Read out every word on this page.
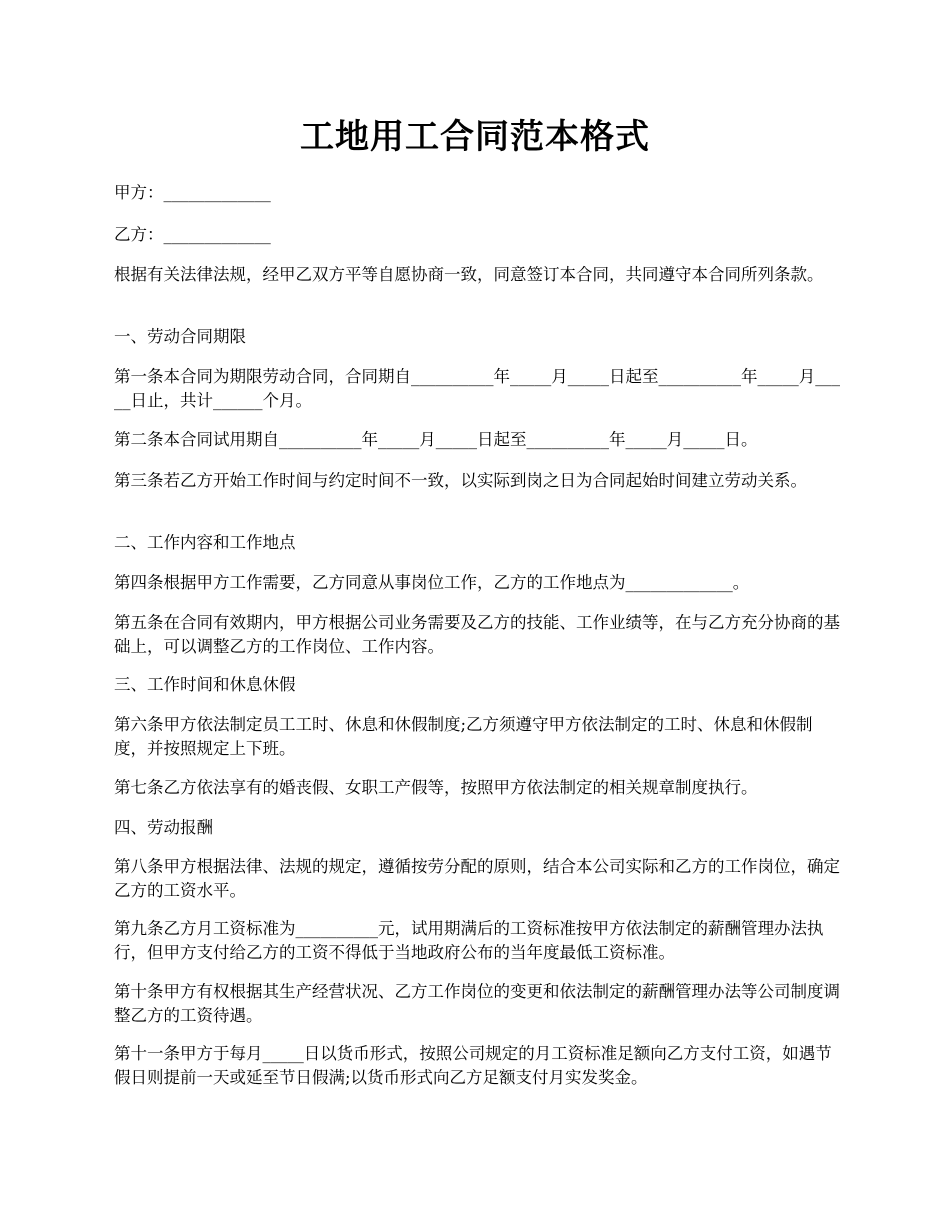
工地用工合同范本格式

甲方：_____________

乙方：_____________

根据有关法律法规，经甲乙双方平等自愿协商一致，同意签订本合同，共同遵守本合同所列条款。

一、劳动合同期限

第一条本合同为期限劳动合同，合同期自__________年_____月_____日起至__________年_____月_____日止，共计______个月。

第二条本合同试用期自__________年_____月_____日起至__________年_____月_____日。

第三条若乙方开始工作时间与约定时间不一致，以实际到岗之日为合同起始时间建立劳动关系。

二、工作内容和工作地点

第四条根据甲方工作需要，乙方同意从事岗位工作，乙方的工作地点为_____________。

第五条在合同有效期内，甲方根据公司业务需要及乙方的技能、工作业绩等，在与乙方充分协商的基础上，可以调整乙方的工作岗位、工作内容。

三、工作时间和休息休假

第六条甲方依法制定员工工时、休息和休假制度;乙方须遵守甲方依法制定的工时、休息和休假制度，并按照规定上下班。

第七条乙方依法享有的婚丧假、女职工产假等，按照甲方依法制定的相关规章制度执行。

四、劳动报酬

第八条甲方根据法律、法规的规定，遵循按劳分配的原则，结合本公司实际和乙方的工作岗位，确定乙方的工资水平。

第九条乙方月工资标准为__________元，试用期满后的工资标准按甲方依法制定的薪酬管理办法执行，但甲方支付给乙方的工资不得低于当地政府公布的当年度最低工资标准。

第十条甲方有权根据其生产经营状况、乙方工作岗位的变更和依法制定的薪酬管理办法等公司制度调整乙方的工资待遇。

第十一条甲方于每月_____日以货币形式，按照公司规定的月工资标准足额向乙方支付工资，如遇节假日则提前一天或延至节日假满;以货币形式向乙方足额支付月实发奖金。
